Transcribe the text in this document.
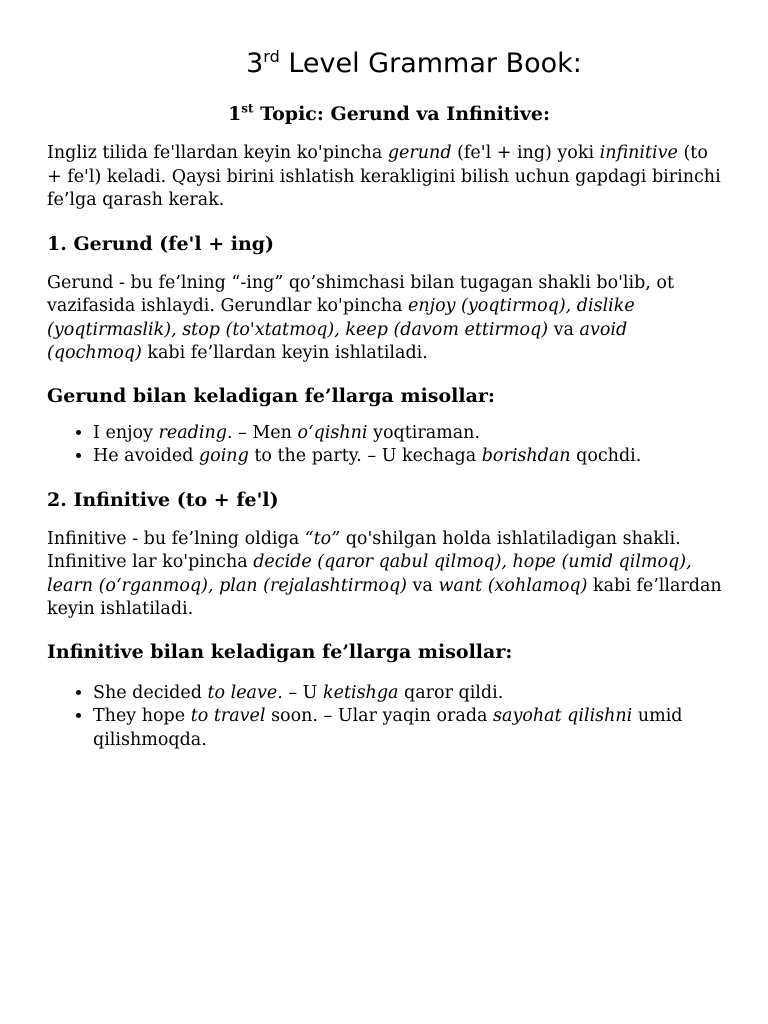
3rd Level Grammar Book:
1st Topic: Gerund va Infinitive:

Ingliz tilida fe'llardan keyin ko'pincha gerund (fe'l + ing) yoki infinitive (to + fe'l) keladi. Qaysi birini ishlatish kerakligini bilish uchun gapdagi birinchi fe’lga qarash kerak.

1. Gerund (fe'l + ing)

Gerund - bu fe’lning “-ing” qo’shimchasi bilan tugagan shakli bo'lib, ot vazifasida ishlaydi. Gerundlar ko'pincha enjoy (yoqtirmoq), dislike (yoqtirmaslik), stop (to'xtatmoq), keep (davom ettirmoq) va avoid (qochmoq) kabi fe’llardan keyin ishlatiladi.

Gerund bilan keladigan fe’llarga misollar:
• I enjoy reading. – Men o‘qishni yoqtiraman.
• He avoided going to the party. – U kechaga borishdan qochdi.
2. Infinitive (to + fe'l)

Infinitive - bu fe’lning oldiga “to” qo'shilgan holda ishlatiladigan shakli. Infinitive lar ko'pincha decide (qaror qabul qilmoq), hope (umid qilmoq), learn (o‘rganmoq), plan (rejalashtirmoq) va want (xohlamoq) kabi fe’llardan keyin ishlatiladi.

Infinitive bilan keladigan fe’llarga misollar:
• She decided to leave. – U ketishga qaror qildi.
• They hope to travel soon. – Ular yaqin orada sayohat qilishni umid qilishmoqda.
